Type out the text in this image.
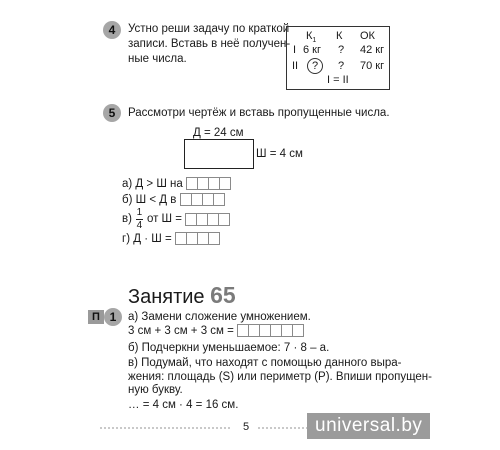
4 Устно реши задачу по краткой
записи. Вставь в неё получен-
ные числа.
$К_1$ К ОК
I 6 кг ? 42 кг
II	?	? 70 кг
I = II
5 Рассмотри чертёж и вставь пропущенные числа.
Д = 24 см
Ш = 4 см
а) Д > Ш на
б) Ш < Д в
$в) \frac{1}{4}$ от Ш =
г) Д · Ш =
Занятие 65
П 1 а) Замени сложение умножением.
3 см + 3 см + 3 см =
б) Подчеркни уменьшаемое: 7 · 8 – а.
в) Подумай, что находят с помощью данного выра-
жения: площадь (S) или периметр (P). Впиши пропущен-
ную букву.
… = 4 см · 4 = 16 см.
5	universal.by
